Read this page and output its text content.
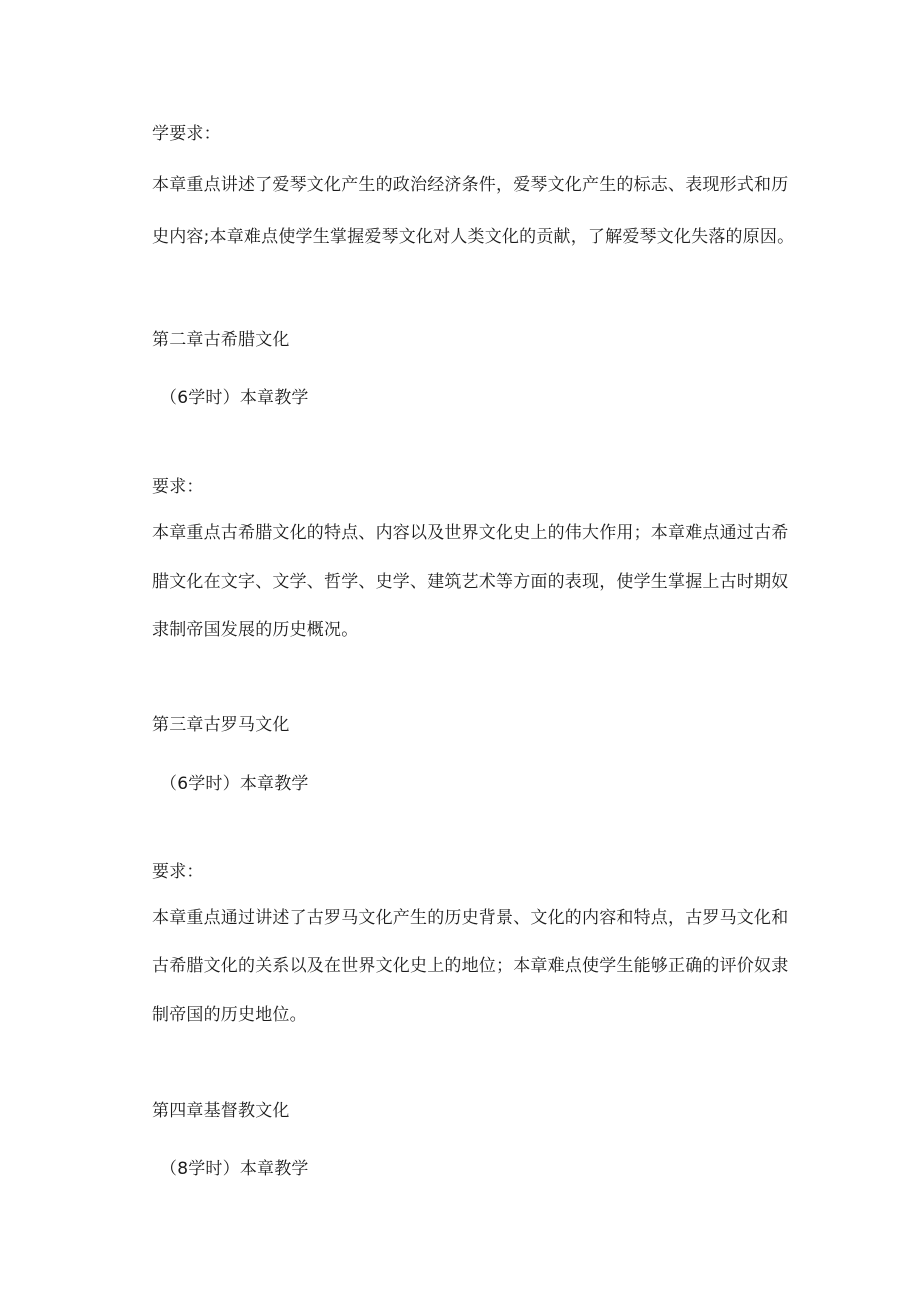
学要求：
本章重点讲述了爱琴文化产生的政治经济条件，爱琴文化产生的标志、表现形式和历
史内容;本章难点使学生掌握爱琴文化对人类文化的贡献，了解爱琴文化失落的原因。
第二章古希腊文化
（6学时）本章教学
要求：
本章重点古希腊文化的特点、内容以及世界文化史上的伟大作用；本章难点通过古希
腊文化在文字、文学、哲学、史学、建筑艺术等方面的表现，使学生掌握上古时期奴
隶制帝国发展的历史概况。
第三章古罗马文化
（6学时）本章教学
要求：
本章重点通过讲述了古罗马文化产生的历史背景、文化的内容和特点，古罗马文化和
古希腊文化的关系以及在世界文化史上的地位；本章难点使学生能够正确的评价奴隶
制帝国的历史地位。
第四章基督教文化
（8学时）本章教学
